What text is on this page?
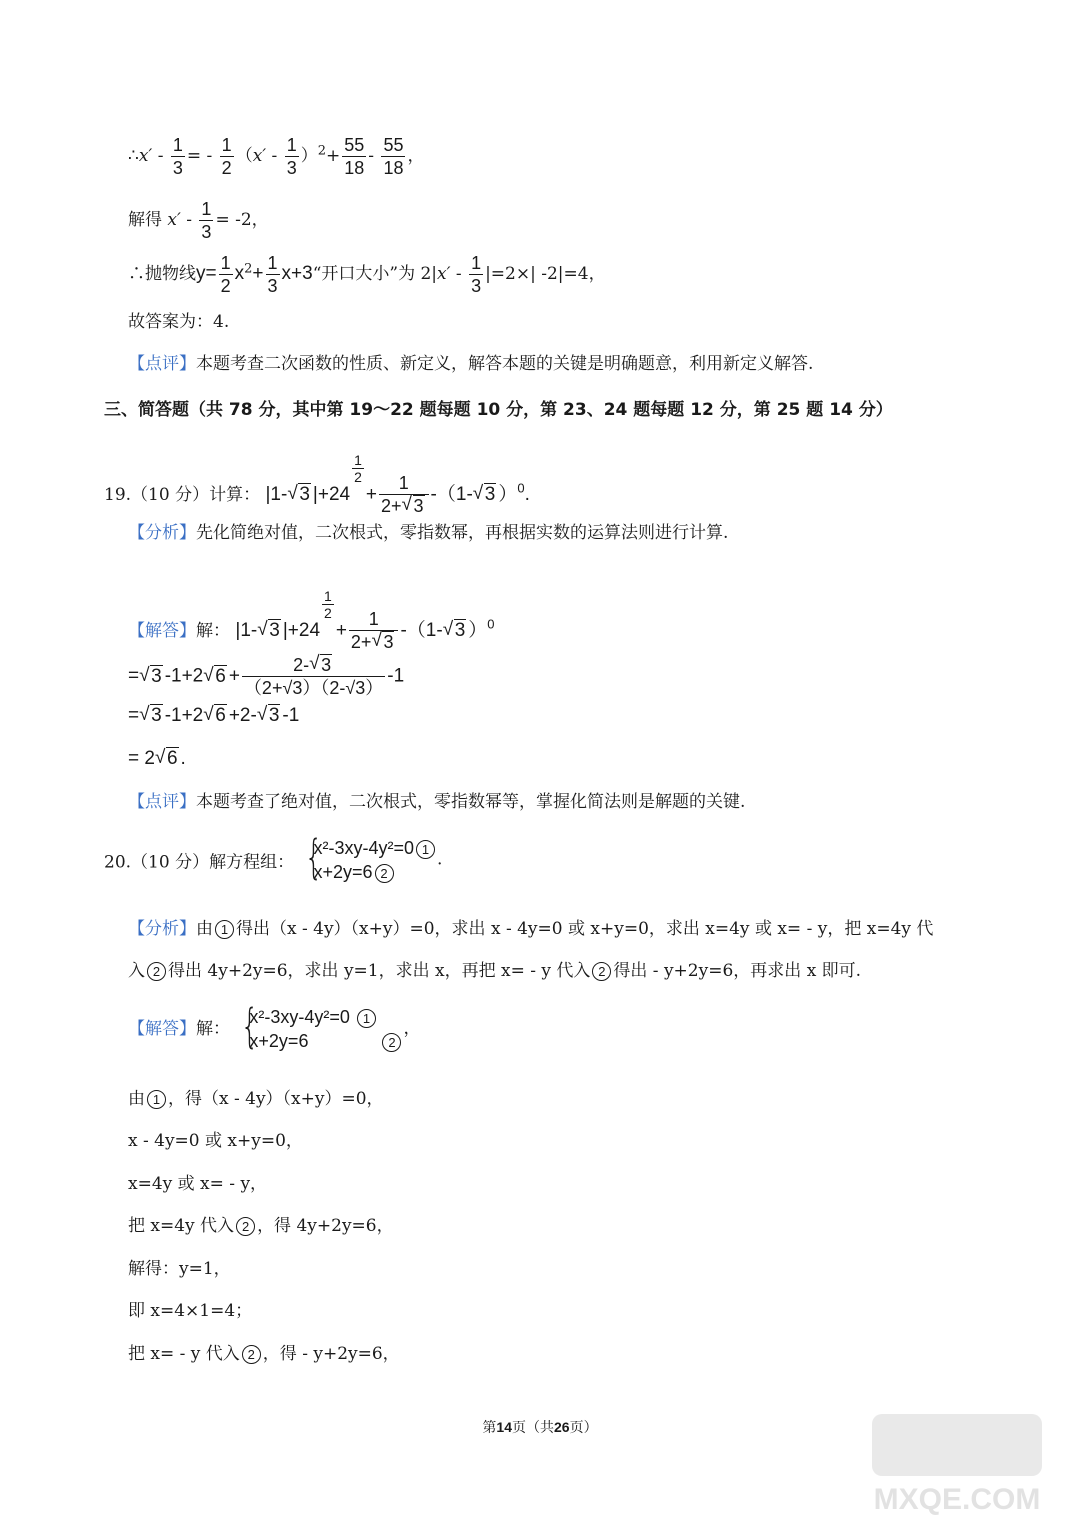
∴x′ - $\frac{1}{3}$ = - $\frac{1}{2} (x' - \frac{1}{3} )^2+ \frac{55}{18} - \frac{55}{18}$ ，
解得 $x' - \frac{1}{3} = -2$，
∴抛物线$y= \frac{1}{2} x^2+ \frac{1}{3}$ x+3“开口大小”为 $2|x' - \frac{1}{3} |=2\times|$ -2|=4，
故答案为：4.
【点评】本题考查二次函数的性质、新定义，解答本题的关键是明确题意，利用新定义解答.
三、简答题（共 78 分，其中第 19～22 题每题 10 分，第 23、24 题每题 12 分，第 25 题 14 分）
19.（10 分）计算： |1-√ 3 |+24
$\frac{1}{2}$
+ $\frac{1}{2+√ 3} -(1-√$ 3 ）$^0$.
【分析】先化简绝对值，二次根式，零指数幂，再根据实数的运算法则进行计算.
【解答】解： |1-√ 3 |+24
$\frac{1}{2}$
+ $\frac{1}{2+√ 3} -(1-√$ 3 ）$^0$
=√ 3 -1+2√ $6 + \frac{2-√ 3}{(2+√3)(2-√3)} -1$
=√ 3 -1+2√ 6 +2-√ 3 -1
= 2√ 6 .
【点评】本题考查了绝对值，二次根式，零指数幂等，掌握化简法则是解题的关键.
20.（10 分）解方程组： {
x²-3xy-4y²=0 1
x+2y=6 2
.
【分析】由 1 得出（x - 4y）（x+y）=0，求出 x - 4y=0 或 x+y=0，求出 x=4y 或 x= - y，把 x=4y 代
入 2 得出 4y+2y=6，求出 y=1，求出 x，再把 x= - y 代入 2 得出 - y+2y=6，再求出 x 即可.
【解答】解： {
x²-3xy-4y²=0 1
x+2y=6	2
，
由 1 ，得（x - 4y）（x+y）=0，
x - 4y=0 或 x+y=0，
x=4y 或 x= - y，
把 x=4y 代入 2 ，得 4y+2y=6，
解得：y=1，
即 x=4×1=4；
把 x= - y 代入 2 ，得 - y+2y=6，
第14页（共26页）
MXQE.COM
